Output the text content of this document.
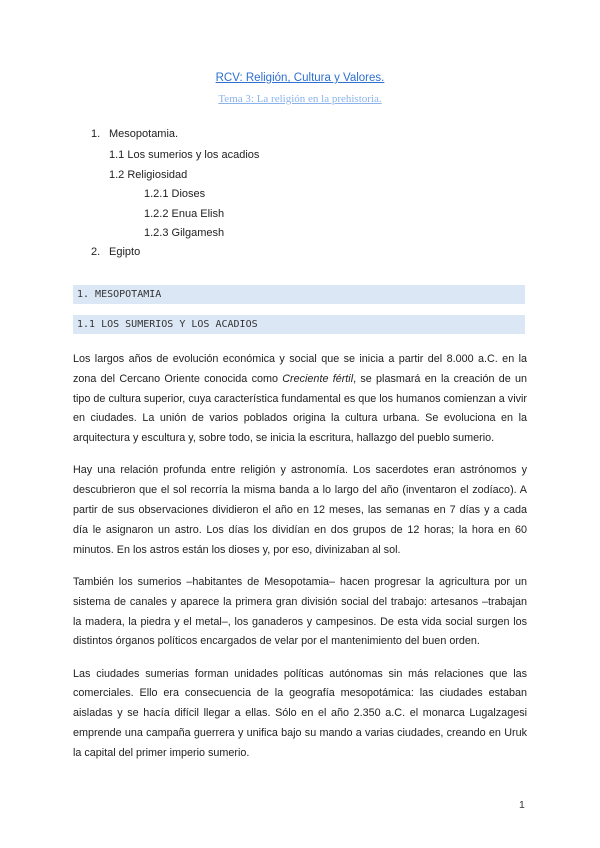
RCV: Religión, Cultura y Valores.
Tema 3: La religión en la prehistoria.
1. Mesopotamia.
1.1 Los sumerios y los acadios
1.2 Religiosidad
1.2.1 Dioses
1.2.2 Enua Elish
1.2.3 Gilgamesh
2. Egipto
1. MESOPOTAMIA
1.1 LOS SUMERIOS Y LOS ACADIOS

Los largos años de evolución económica y social que se inicia a partir del 8.000 a.C. en la zona del Cercano Oriente conocida como Creciente fértil, se plasmará en la creación de un tipo de cultura superior, cuya característica fundamental es que los humanos comienzan a vivir en ciudades. La unión de varios poblados origina la cultura urbana. Se evoluciona en la arquitectura y escultura y, sobre todo, se inicia la escritura, hallazgo del pueblo sumerio.

Hay una relación profunda entre religión y astronomía. Los sacerdotes eran astrónomos y descubrieron que el sol recorría la misma banda a lo largo del año (inventaron el zodíaco). A partir de sus observaciones dividieron el año en 12 meses, las semanas en 7 días y a cada día le asignaron un astro. Los días los dividían en dos grupos de 12 horas; la hora en 60 minutos. En los astros están los dioses y, por eso, divinizaban al sol.

También los sumerios –habitantes de Mesopotamia– hacen progresar la agricultura por un sistema de canales y aparece la primera gran división social del trabajo: artesanos –trabajan la madera, la piedra y el metal–, los ganaderos y campesinos. De esta vida social surgen los distintos órganos políticos encargados de velar por el mantenimiento del buen orden.

Las ciudades sumerias forman unidades políticas autónomas sin más relaciones que las comerciales. Ello era consecuencia de la geografía mesopotámica: las ciudades estaban aisladas y se hacía difícil llegar a ellas. Sólo en el año 2.350 a.C. el monarca Lugalzagesi emprende una campaña guerrera y unifica bajo su mando a varias ciudades, creando en Uruk la capital del primer imperio sumerio.

1
